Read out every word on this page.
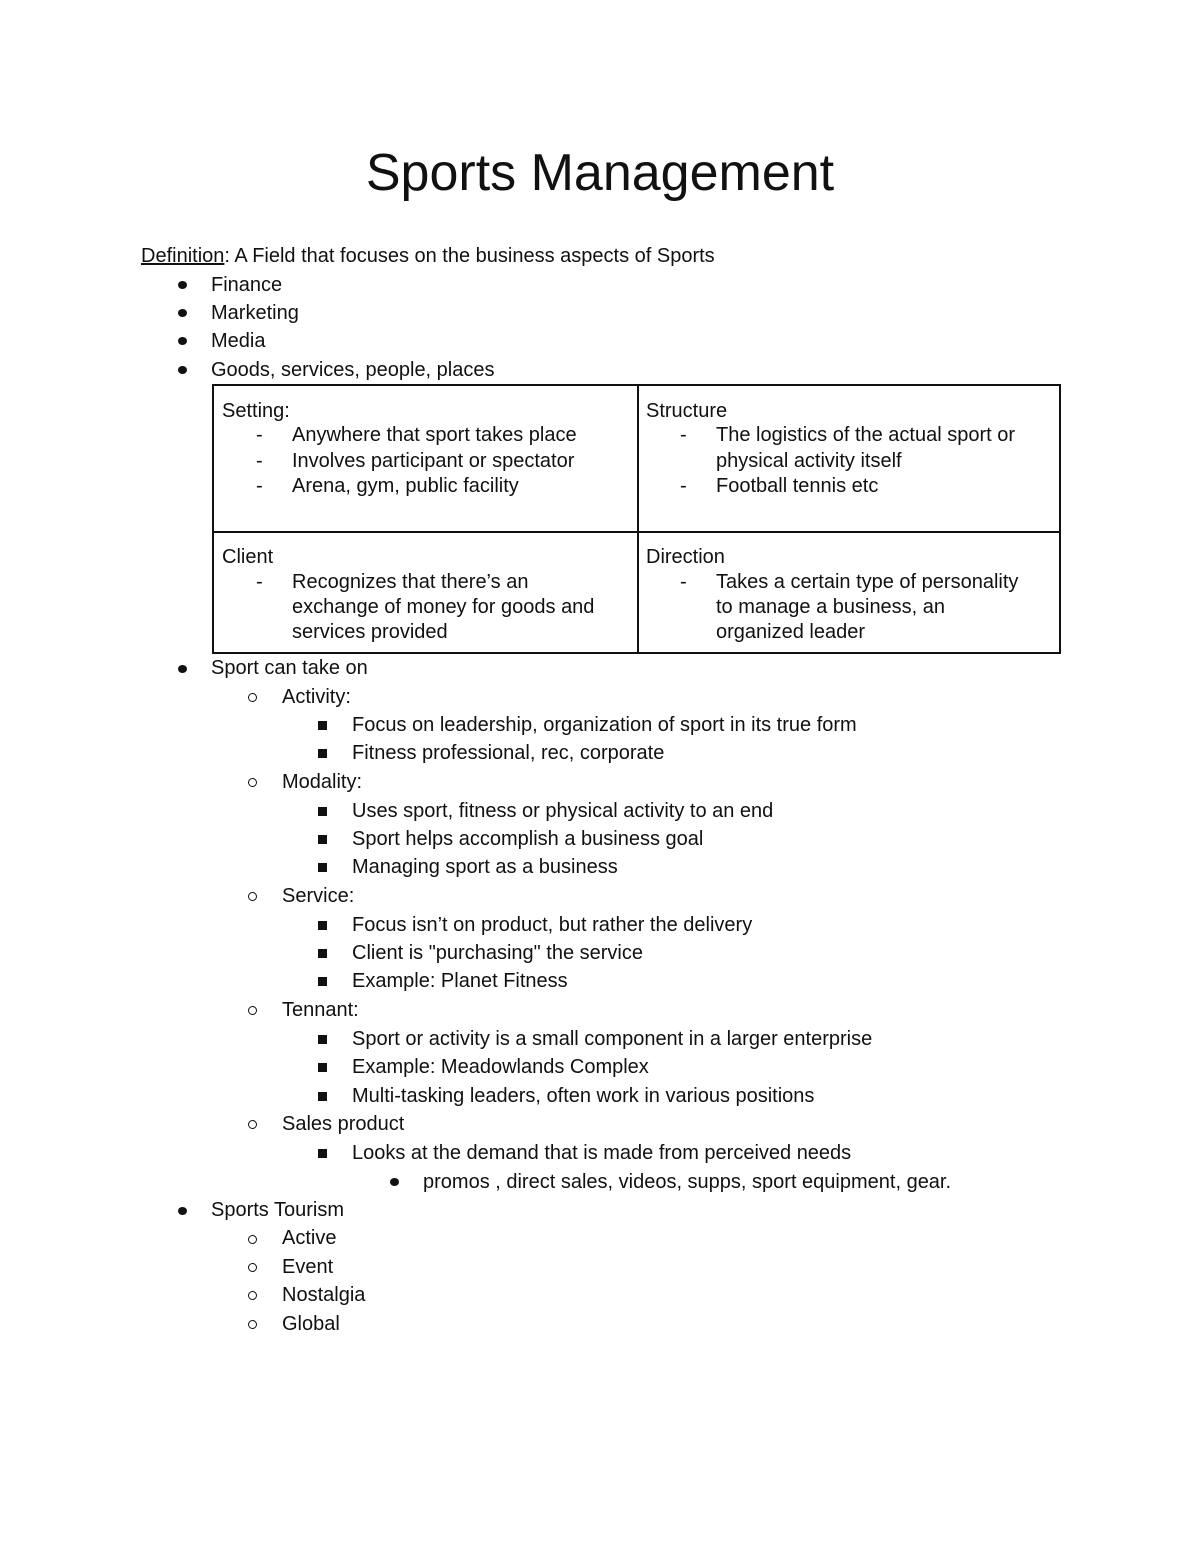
Sports Management
Definition: A Field that focuses on the business aspects of Sports
Finance
Marketing
Media
Goods, services, people, places
Setting:
- Anywhere that sport takes place
- Involves participant or spectator
- Arena, gym, public facility
Structure
- The logistics of the actual sport or
physical activity itself
- Football tennis etc
Client
- Recognizes that there’s an
exchange of money for goods and
services provided
Direction
- Takes a certain type of personality
to manage a business, an
organized leader
Sport can take on
Activity:
Focus on leadership, organization of sport in its true form
Fitness professional, rec, corporate
Modality:
Uses sport, fitness or physical activity to an end
Sport helps accomplish a business goal
Managing sport as a business
Service:
Focus isn’t on product, but rather the delivery
Client is "purchasing" the service
Example: Planet Fitness
Tennant:
Sport or activity is a small component in a larger enterprise
Example: Meadowlands Complex
Multi-tasking leaders, often work in various positions
Sales product
Looks at the demand that is made from perceived needs
promos , direct sales, videos, supps, sport equipment, gear.
Sports Tourism
Active
Event
Nostalgia
Global
